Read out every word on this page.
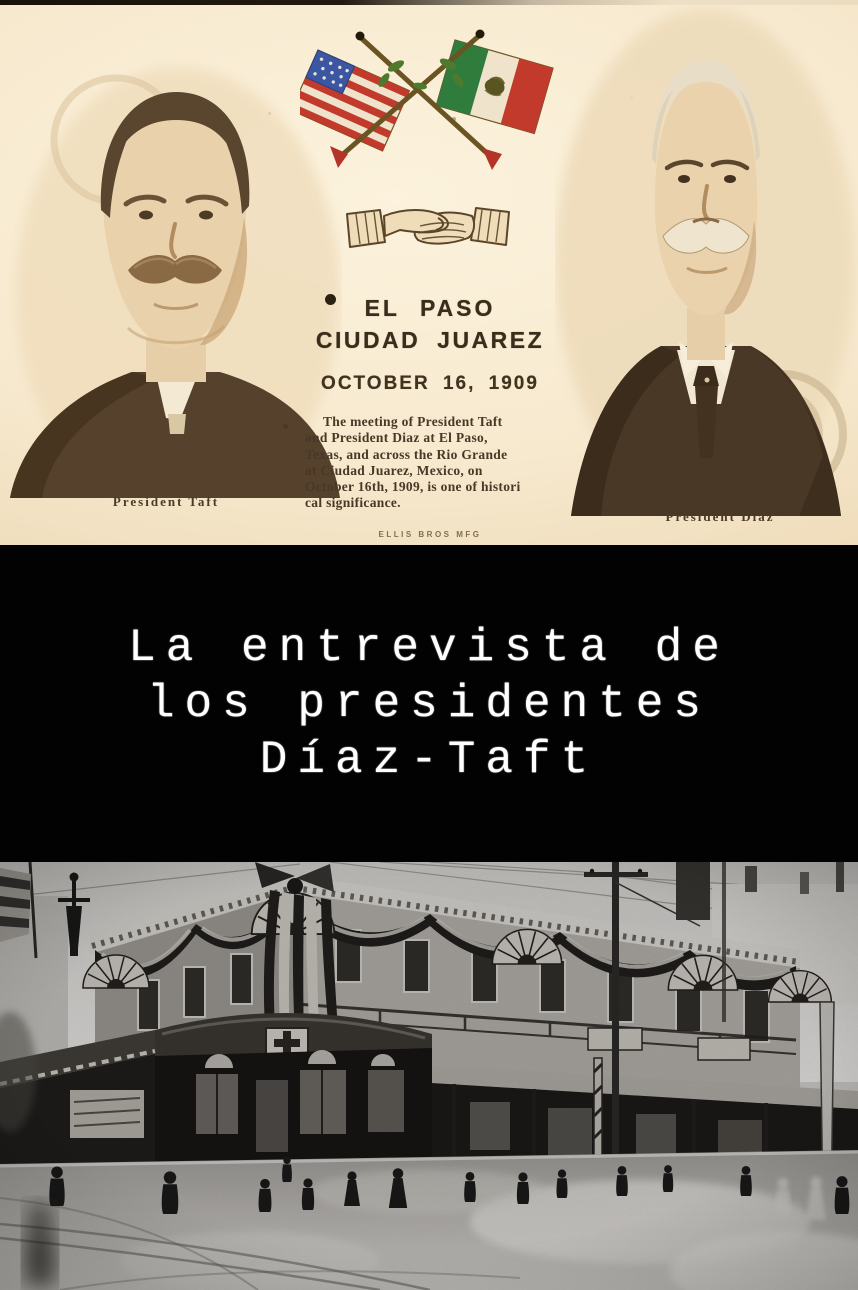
EL PASO
CIUDAD JUAREZ
OCTOBER 16, 1909
The meeting of President Taft
and President Diaz at El Paso,
Texas, and across the Rio Grande
at Ciudad Juarez, Mexico, on
October 16th, 1909, is one of histori
cal significance.
President Taft
President Diaz
ELLIS BROS MFG
La entrevista de
los presidentes
Díaz-Taft
